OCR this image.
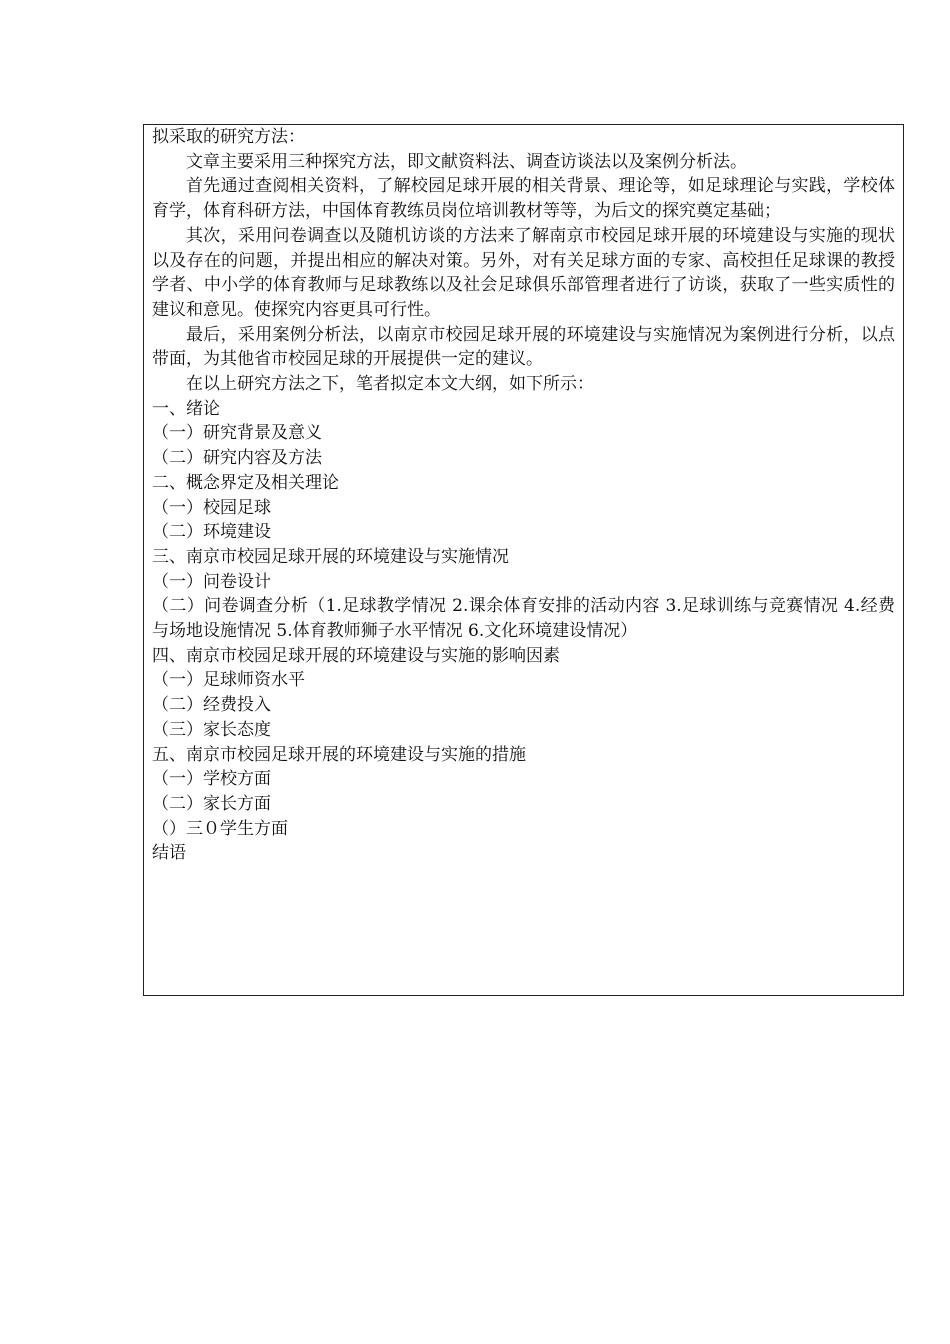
拟采取的研究方法：

文章主要采用三种探究方法，即文献资料法、调查访谈法以及案例分析法。

首先通过查阅相关资料，了解校园足球开展的相关背景、理论等，如足球理论与实践，学校体育学，体育科研方法，中国体育教练员岗位培训教材等等，为后文的探究奠定基础；

其次，采用问卷调查以及随机访谈的方法来了解南京市校园足球开展的环境建设与实施的现状以及存在的问题，并提出相应的解决对策。另外，对有关足球方面的专家、高校担任足球课的教授学者、中小学的体育教师与足球教练以及社会足球俱乐部管理者进行了访谈，获取了一些实质性的建议和意见。使探究内容更具可行性。

最后，采用案例分析法，以南京市校园足球开展的环境建设与实施情况为案例进行分析，以点带面，为其他省市校园足球的开展提供一定的建议。

在以上研究方法之下，笔者拟定本文大纲，如下所示：

一、绪论

（一）研究背景及意义

（二）研究内容及方法

二、概念界定及相关理论

（一）校园足球

（二）环境建设

三、南京市校园足球开展的环境建设与实施情况

（一）问卷设计

（二）问卷调查分析（1.足球教学情况 2.课余体育安排的活动内容 3.足球训练与竞赛情况 4.经费与场地设施情况 5.体育教师狮子水平情况 6.文化环境建设情况）

四、南京市校园足球开展的环境建设与实施的影响因素

（一）足球师资水平

（二）经费投入

（三）家长态度

五、南京市校园足球开展的环境建设与实施的措施

（一）学校方面

（二）家长方面

（）三０学生方面

结语
